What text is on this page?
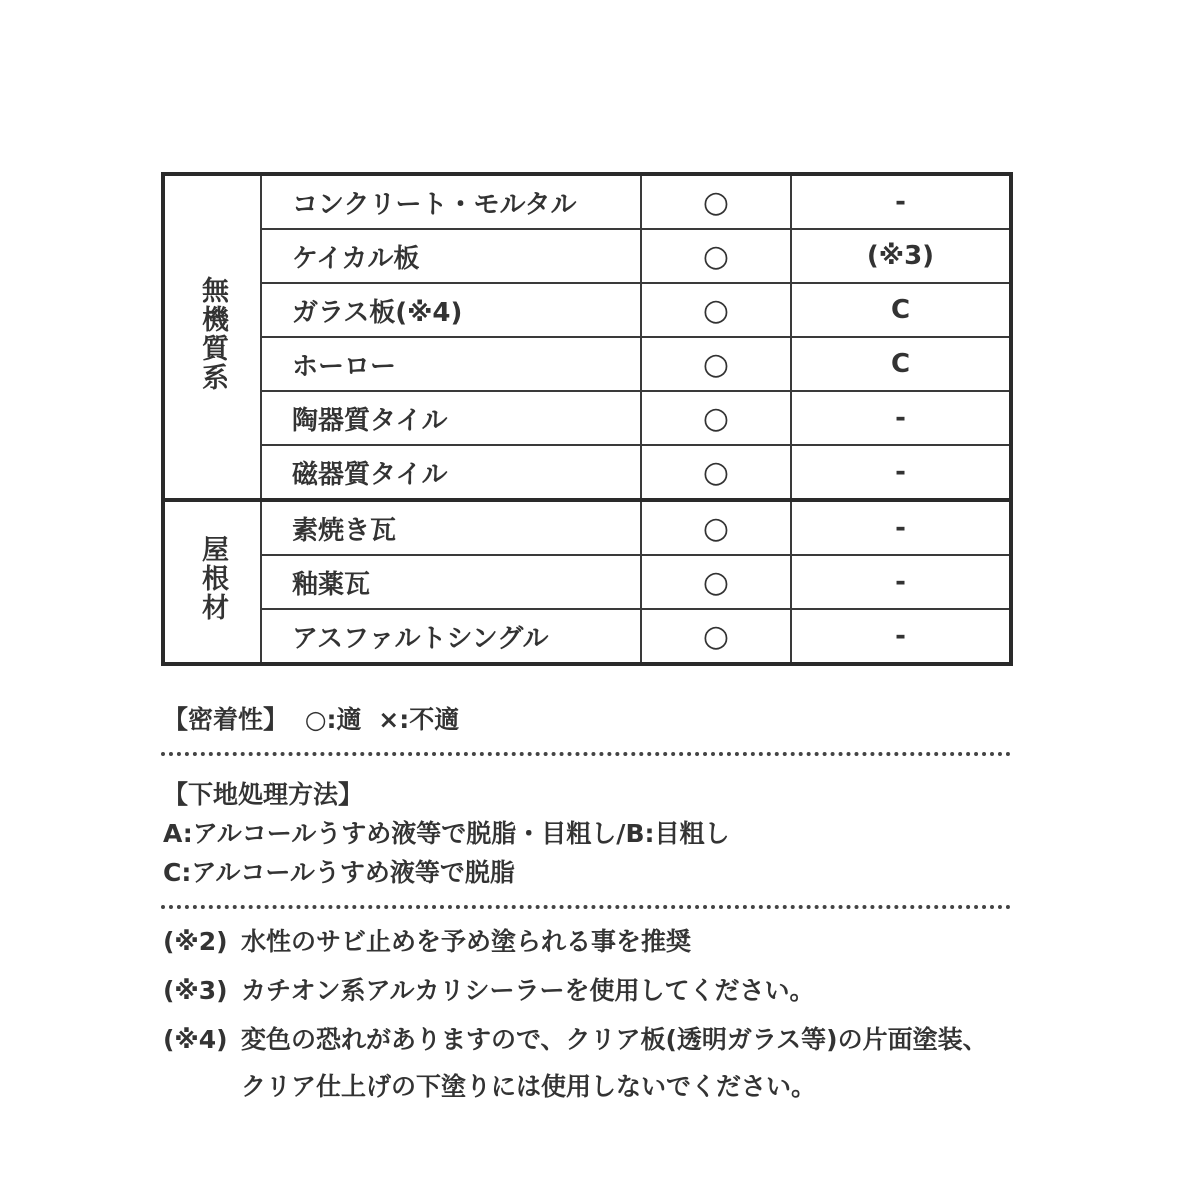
無機質系	コンクリート・モルタル	○	-
	ケイカル板	○	(※3)
	ガラス板(※4)	○	C
	ホーロー	○	C
	陶器質タイル	○	-
	磁器質タイル	○	-
屋根材	素焼き瓦	○	-
	釉薬瓦	○	-
	アスファルトシングル	○	-
【密着性】 ○:適 ×:不適
【下地処理方法】
A:アルコールうすめ液等で脱脂・目粗し/B:目粗し
C:アルコールうすめ液等で脱脂
(※2) 水性のサビ止めを予め塗られる事を推奨
(※3) カチオン系アルカリシーラーを使用してください。
(※4) 変色の恐れがありますので、クリア板(透明ガラス等)の片面塗装、
クリア仕上げの下塗りには使用しないでください。
